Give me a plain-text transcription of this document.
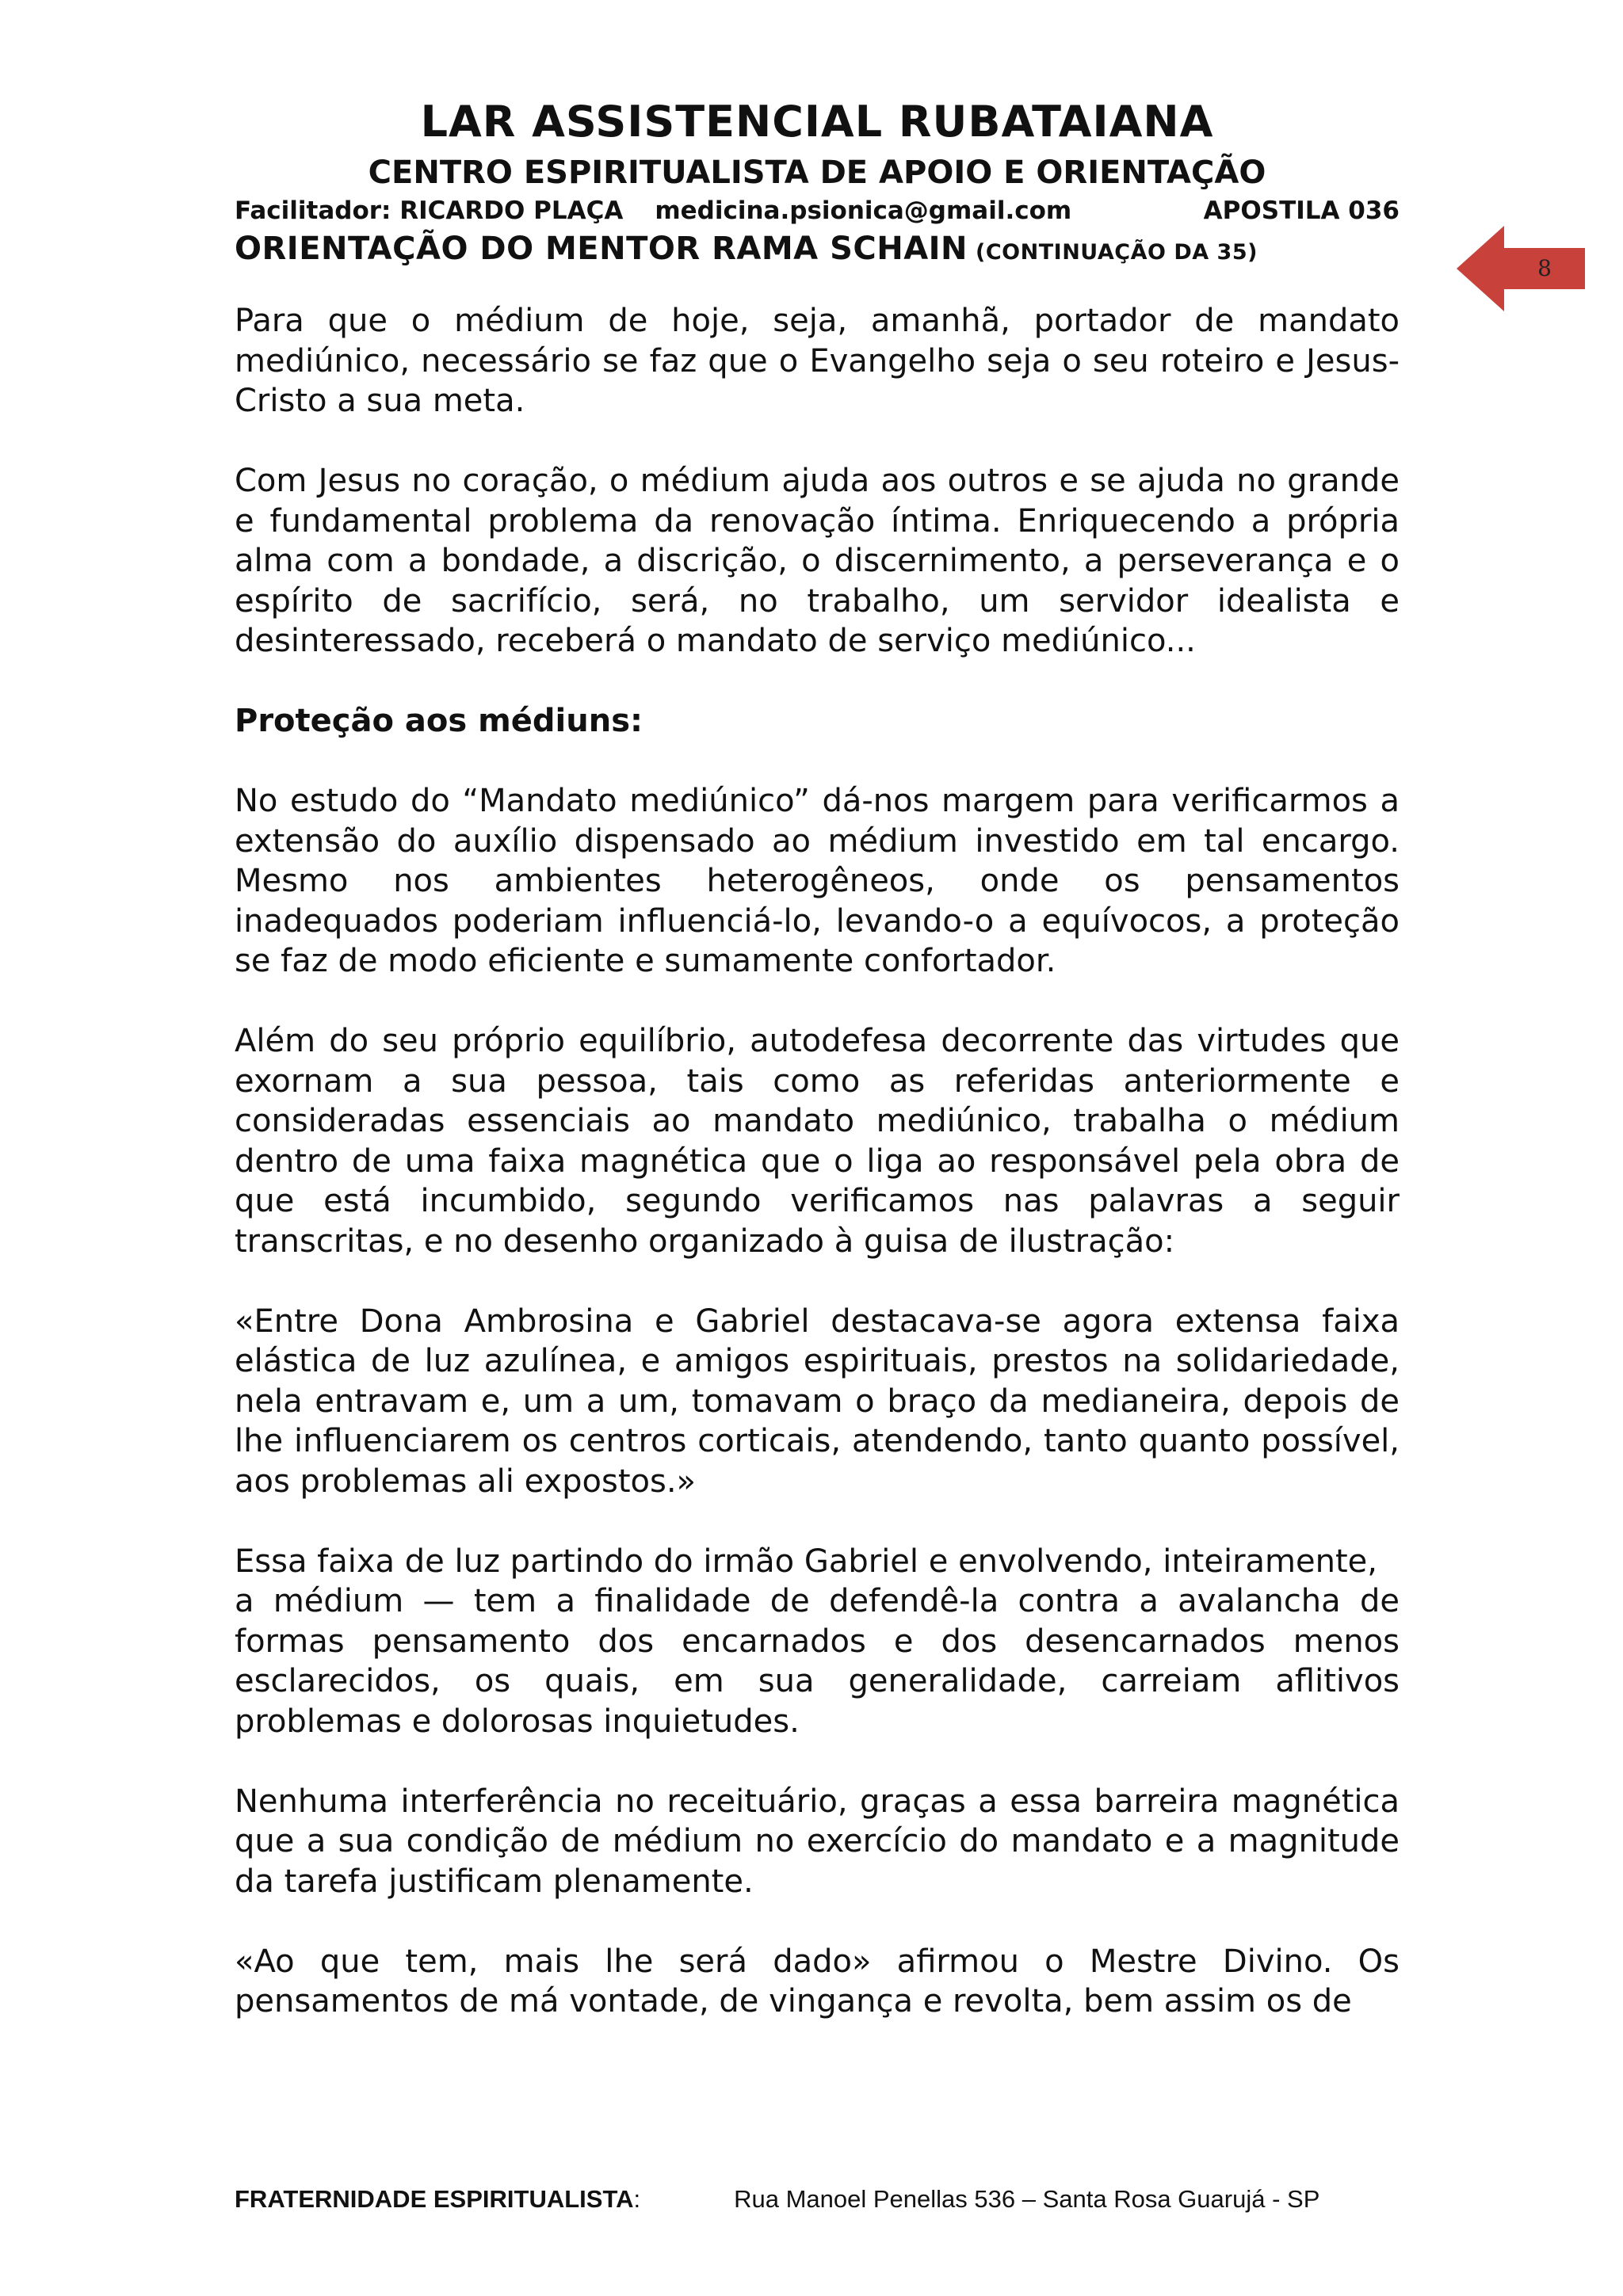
LAR ASSISTENCIAL RUBATAIANA
CENTRO ESPIRITUALISTA DE APOIO E ORIENTAÇÃO
Facilitador: RICARDO PLAÇA medicina.psionica@gmail.com	APOSTILA 036
ORIENTAÇÃO DO MENTOR RAMA SCHAIN (CONTINUAÇÃO DA 35)
8

Para que o médium de hoje, seja, amanhã, portador de mandato mediúnico, necessário se faz que o Evangelho seja o seu roteiro e Jesus-Cristo a sua meta.

Com Jesus no coração, o médium ajuda aos outros e se ajuda no grande e fundamental problema da renovação íntima. Enriquecendo a própria alma com a bondade, a discrição, o discernimento, a perseverança e o espírito de sacrifício, será, no trabalho, um servidor idealista e desinteressado, receberá o mandato de serviço mediúnico...

Proteção aos médiuns:

No estudo do “Mandato mediúnico” dá-nos margem para verificarmos a extensão do auxílio dispensado ao médium investido em tal encargo. Mesmo nos ambientes heterogêneos, onde os pensamentos inadequados poderiam influenciá-lo, levando-o a equívocos, a proteção se faz de modo eficiente e sumamente confortador.

Além do seu próprio equilíbrio, autodefesa decorrente das virtudes que exornam a sua pessoa, tais como as referidas anteriormente e consideradas essenciais ao mandato mediúnico, trabalha o médium dentro de uma faixa magnética que o liga ao responsável pela obra de que está incumbido, segundo verificamos nas palavras a seguir transcritas, e no desenho organizado à guisa de ilustração:

«Entre Dona Ambrosina e Gabriel destacava-se agora extensa faixa elástica de luz azulínea, e amigos espirituais, prestos na solidariedade, nela entravam e, um a um, tomavam o braço da medianeira, depois de lhe influenciarem os centros corticais, atendendo, tanto quanto possível, aos problemas ali expostos.»

Essa faixa de luz partindo do irmão Gabriel e envolvendo, inteiramente,

a médium — tem a finalidade de defendê-la contra a avalancha de formas pensamento dos encarnados e dos desencarnados menos esclarecidos, os quais, em sua generalidade, carreiam aflitivos problemas e dolorosas inquietudes.

Nenhuma interferência no receituário, graças a essa barreira magnética que a sua condição de médium no exercício do mandato e a magnitude da tarefa justificam plenamente.

«Ao que tem, mais lhe será dado» afirmou o Mestre Divino. Os pensamentos de má vontade, de vingança e revolta, bem assim os de

FRATERNIDADE ESPIRITUALISTA :	Rua Manoel Penellas 536 – Santa Rosa Guarujá - SP
